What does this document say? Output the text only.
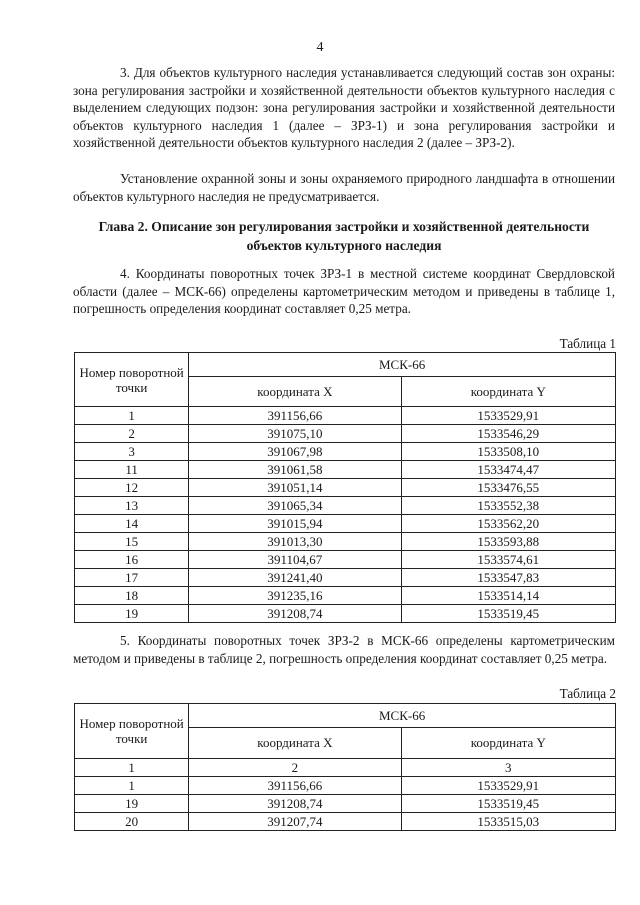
4

3. Для объектов культурного наследия устанавливается следующий состав зон охраны: зона регулирования застройки и хозяйственной деятельности объектов культурного наследия с выделением следующих подзон: зона регулирования застройки и хозяйственной деятельности объектов культурного наследия 1 (далее – ЗРЗ-1) и зона регулирования застройки и хозяйственной деятельности объектов культурного наследия 2 (далее – ЗРЗ-2).

Установление охранной зоны и зоны охраняемого природного ландшафта в отношении объектов культурного наследия не предусматривается.

Глава 2. Описание зон регулирования застройки и хозяйственной деятельности объектов культурного наследия

4. Координаты поворотных точек ЗРЗ-1 в местной системе координат Свердловской области (далее – МСК-66) определены картометрическим методом и приведены в таблице 1, погрешность определения координат составляет 0,25 метра.

Таблица 1
Номер поворотной точки	МСК-66	
	координата X	координата Y
1	391156,66	1533529,91
2	391075,10	1533546,29
3	391067,98	1533508,10
11	391061,58	1533474,47
12	391051,14	1533476,55
13	391065,34	1533552,38
14	391015,94	1533562,20
15	391013,30	1533593,88
16	391104,67	1533574,61
17	391241,40	1533547,83
18	391235,16	1533514,14
19	391208,74	1533519,45

5. Координаты поворотных точек ЗРЗ-2 в МСК-66 определены картометрическим методом и приведены в таблице 2, погрешность определения координат составляет 0,25 метра.

Таблица 2
Номер поворотной точки	МСК-66	
	координата X	координата Y
1	2	3
1	391156,66	1533529,91
19	391208,74	1533519,45
20	391207,74	1533515,03
